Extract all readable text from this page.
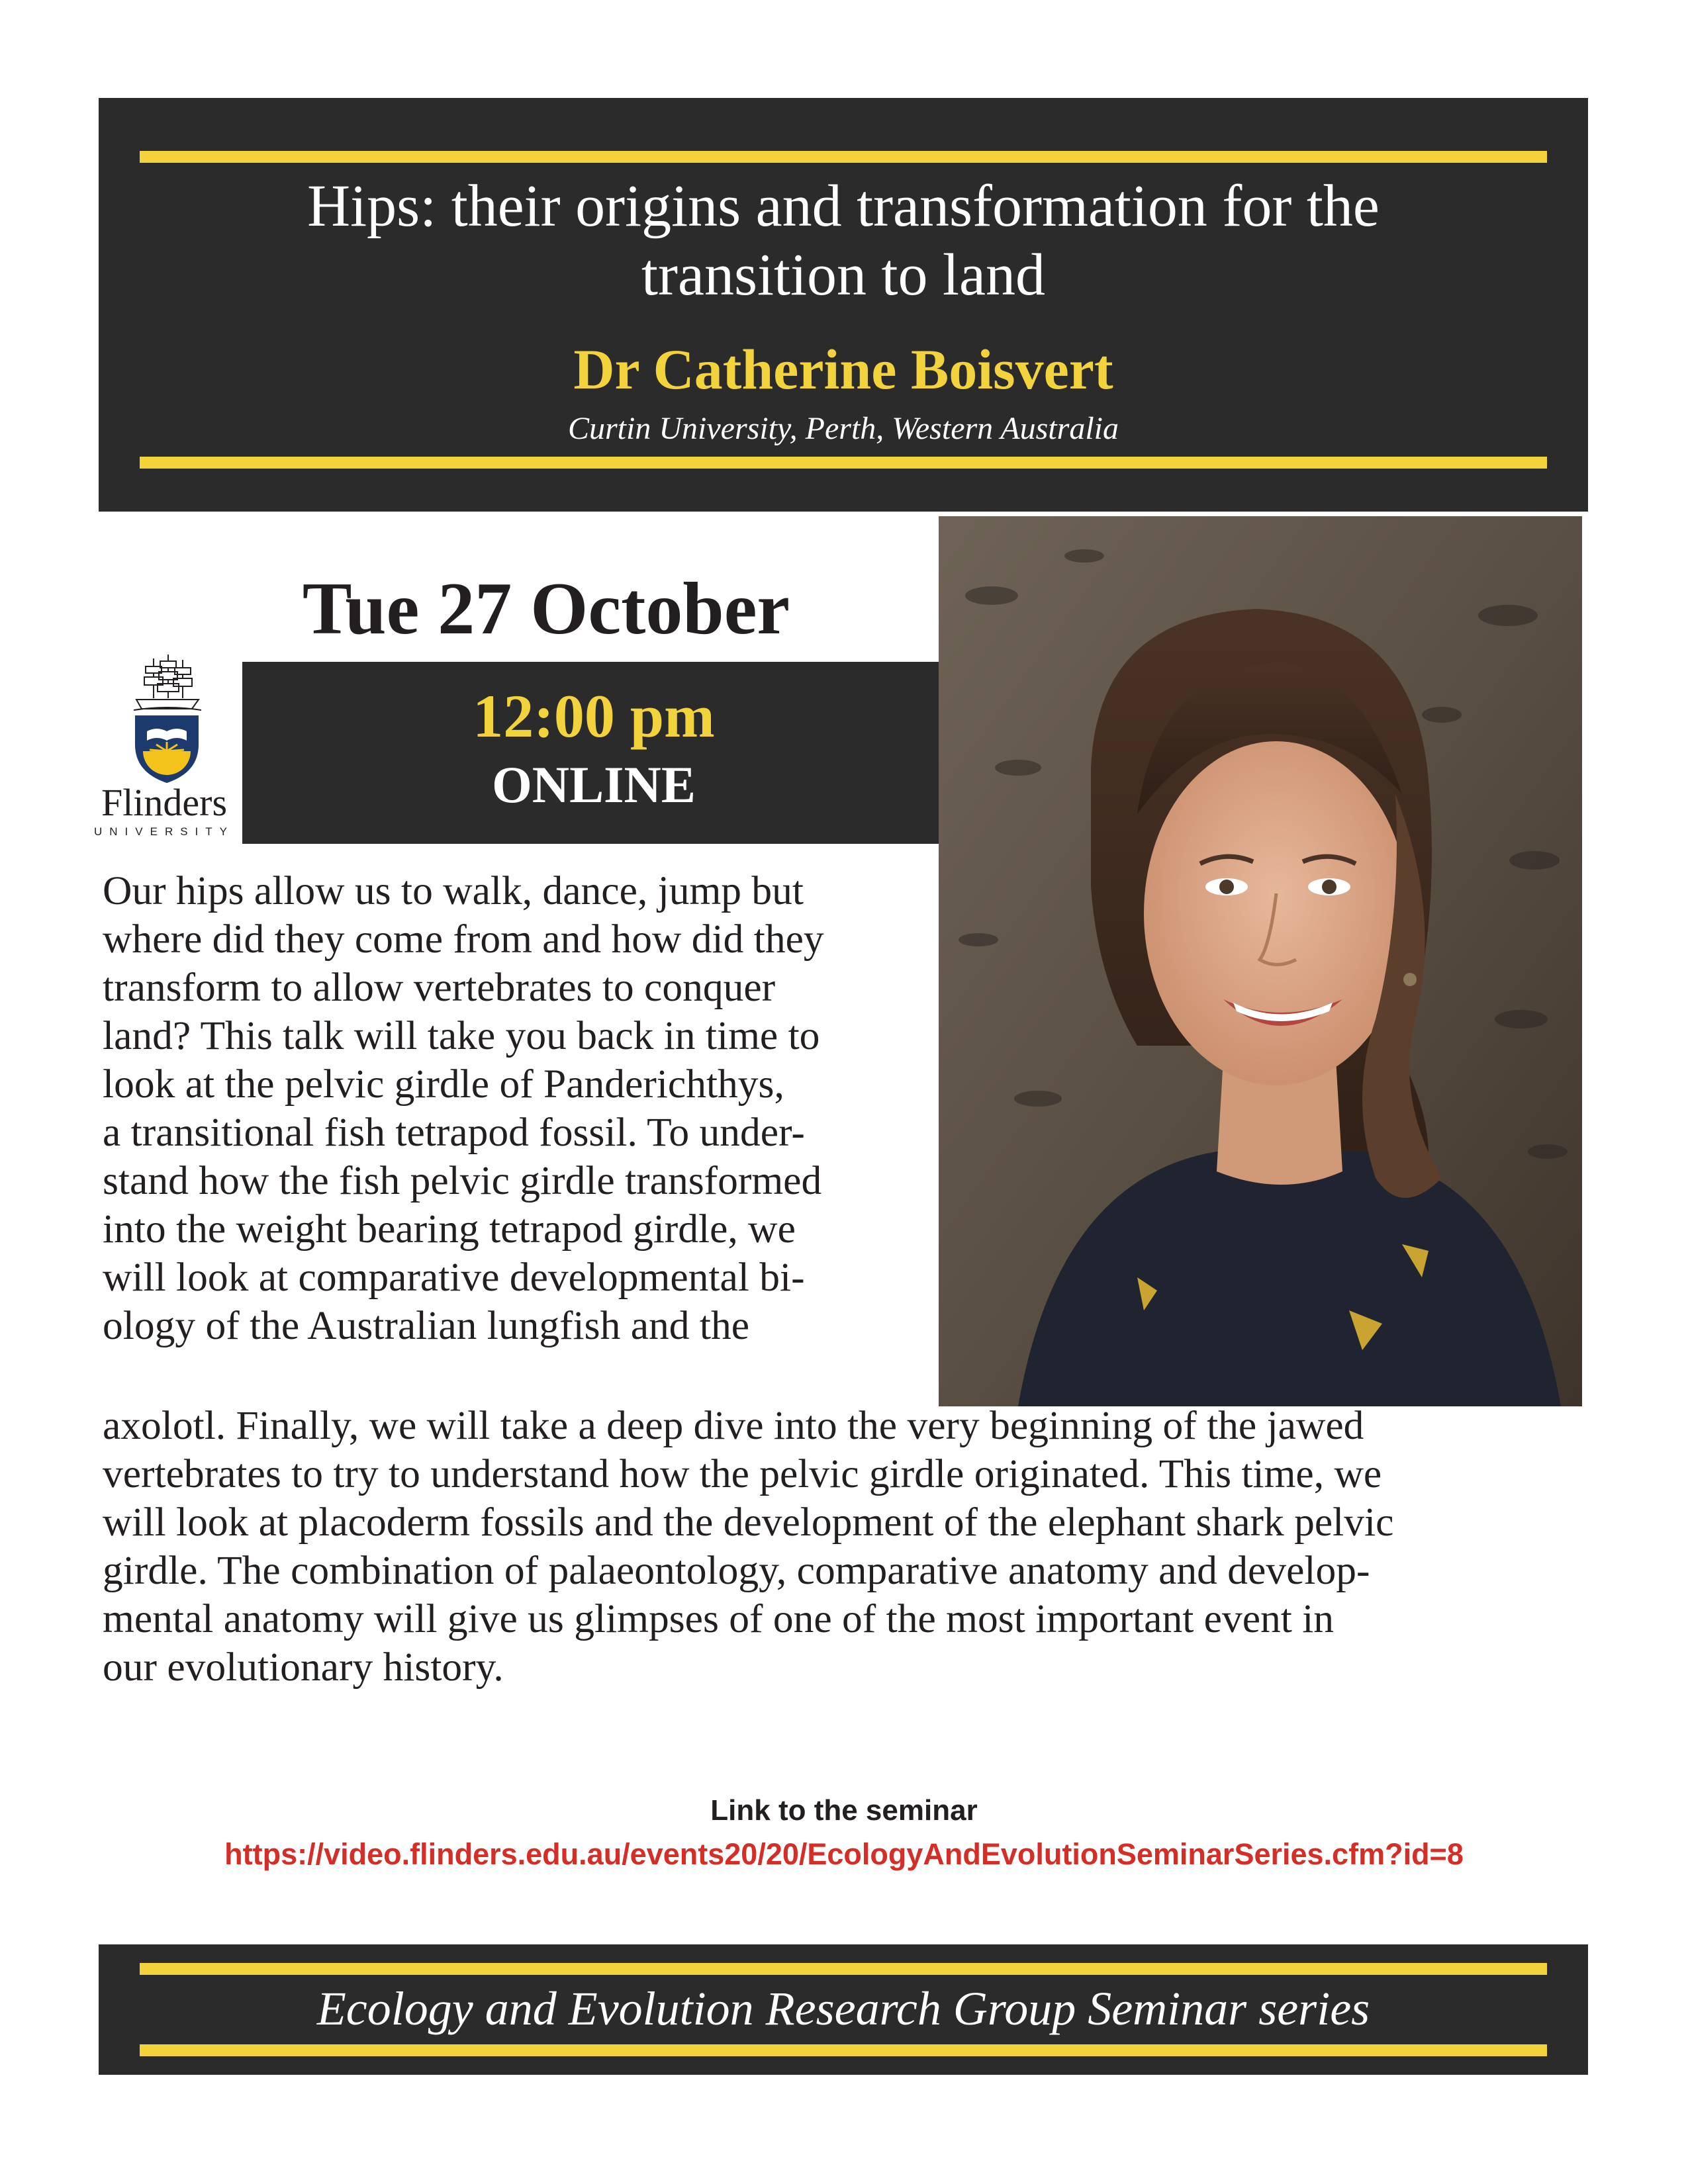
Hips: their origins and transformation for the
transition to land
Dr Catherine Boisvert
Curtin University, Perth, Western Australia
Tue 27 October
12:00 pm
ONLINE
Flinders
UNIVERSITY
Our hips allow us to walk, dance, jump but
where did they come from and how did they
transform to allow vertebrates to conquer
land? This talk will take you back in time to
look at the pelvic girdle of Panderichthys,
a transitional fish tetrapod fossil. To under-
stand how the fish pelvic girdle transformed
into the weight bearing tetrapod girdle, we
will look at comparative developmental bi-
ology of the Australian lungfish and the
axolotl. Finally, we will take a deep dive into the very beginning of the jawed
vertebrates to try to understand how the pelvic girdle originated. This time, we
will look at placoderm fossils and the development of the elephant shark pelvic
girdle. The combination of palaeontology, comparative anatomy and develop-
mental anatomy will give us glimpses of one of the most important event in
our evolutionary history.
Link to the seminar
https://video.flinders.edu.au/events20/20/EcologyAndEvolutionSeminarSeries.cfm?id=8
Ecology and Evolution Research Group Seminar series
